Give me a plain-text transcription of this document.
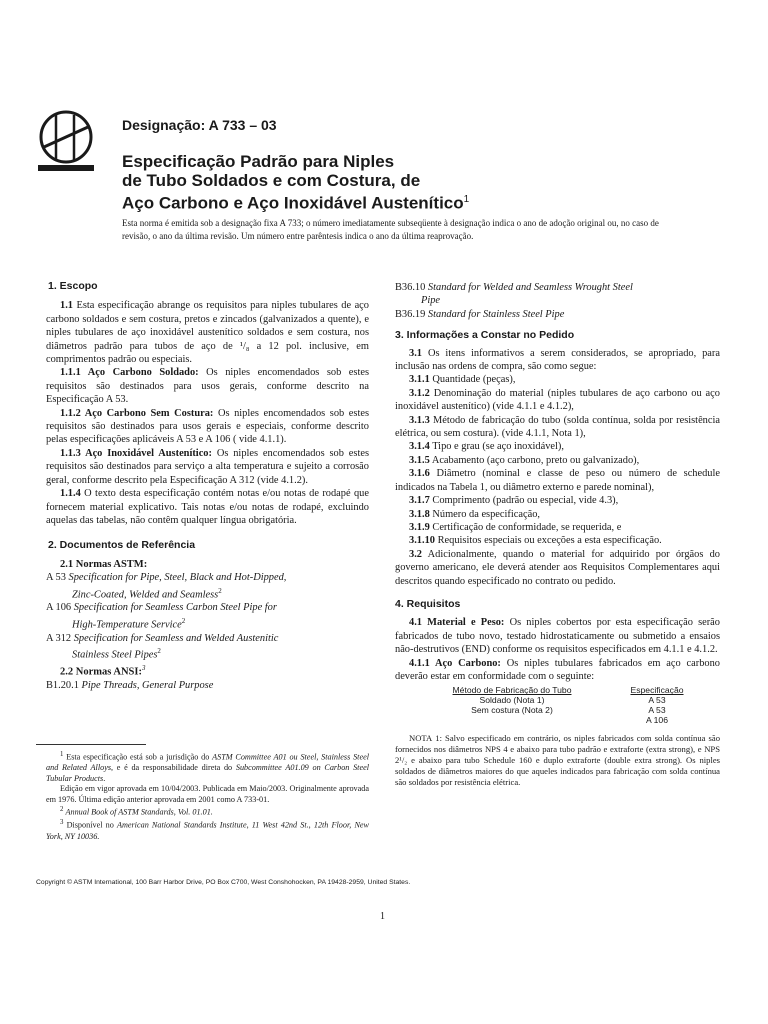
Designação: A 733 – 03
Especificação Padrão para Niples
de Tubo Soldados e com Costura, de
Aço Carbono e Aço Inoxidável Austenítico$^1$
Esta norma é emitida sob a designação fixa A 733; o número imediatamente subseqüente à designação indica o ano de adoção original ou, no caso de revisão, o ano da última revisão. Um número entre parêntesis indica o ano da última reaprovação.

1. Escopo

1.1 Esta especificação abrange os requisitos para niples tubulares de aço carbono soldados e sem costura, pretos e zincados (galvanizados a quente), e niples tubulares de aço inoxidável austenítico soldados e sem costura, nos diâmetros padrão para tubos de aço de ¹/₈ a 12 pol. inclusive, em comprimentos padrão ou especiais.

1.1.1 Aço Carbono Soldado: Os niples encomendados sob estes requisitos são destinados para usos gerais, conforme descrito na Especificação A 53.

1.1.2 Aço Carbono Sem Costura: Os niples encomendados sob estes requisitos são destinados para usos gerais e especiais, conforme descrito pelas especificações aplicáveis A 53 e A 106 ( vide 4.1.1).

1.1.3 Aço Inoxidável Austenítico: Os niples encomendados sob estes requisitos são destinados para serviço a alta temperatura e sujeito a corrosão geral, conforme descrito pela Especificação A 312 (vide 4.1.2).

1.1.4 O texto desta especificação contém notas e/ou notas de rodapé que fornecem material explicativo. Tais notas e/ou notas de rodapé, excluindo aquelas das tabelas, não contêm qualquer língua obrigatória.

2. Documentos de Referência

2.1 Normas ASTM:

A 53 Specification for Pipe, Steel, Black and Hot-Dipped,
Zinc-Coated, Welded and Seamless$^2$
A 106 Specification for Seamless Carbon Steel Pipe for
High-Temperature Service$^2$
A 312 Specification for Seamless and Welded Austenitic
Stainless Steel Pipes$^2$

2.2 Normas ANSI:$^3$

B1.20.1 Pipe Threads, General Purpose

$^1$ Esta especificação está sob a jurisdição do ASTM Committee A01 ou Steel, Stainless Steel and Related Alloys, e é da responsabilidade direta do Subcommittee A01.09 on Carbon Steel Tubular Products.

Edição em vigor aprovada em 10/04/2003. Publicada em Maio/2003. Originalmente aprovada em 1976. Última edição anterior aprovada em 2001 como A 733-01.

$^2$ Annual Book of ASTM Standards, Vol. 01.01.

$^3$ Disponível no American National Standards Institute, 11 West 42nd St., 12th Floor, New York, NY 10036.

B36.10 Standard for Welded and Seamless Wrought Steel
Pipe
B36.19 Standard for Stainless Steel Pipe

3. Informações a Constar no Pedido

3.1 Os itens informativos a serem considerados, se apropriado, para inclusão nas ordens de compra, são como segue:

3.1.1 Quantidade (peças),

3.1.2 Denominação do material (niples tubulares de aço carbono ou aço inoxidável austenítico) (vide 4.1.1 e 4.1.2),

3.1.3 Método de fabricação do tubo (solda contínua, solda por resistência elétrica, ou sem costura). (vide 4.1.1, Nota 1),

3.1.4 Tipo e grau (se aço inoxidável),

3.1.5 Acabamento (aço carbono, preto ou galvanizado),

3.1.6 Diâmetro (nominal e classe de peso ou número de schedule indicados na Tabela 1, ou diâmetro externo e parede nominal),

3.1.7 Comprimento (padrão ou especial, vide 4.3),

3.1.8 Número da especificação,

3.1.9 Certificação de conformidade, se requerida, e

3.1.10 Requisitos especiais ou exceções a esta especificação.

3.2 Adicionalmente, quando o material for adquirido por órgãos do governo americano, ele deverá atender aos Requisitos Complementares aqui descritos quando especificado no contrato ou pedido.

4. Requisitos

4.1 Material e Peso: Os niples cobertos por esta especificação serão fabricados de tubo novo, testado hidrostaticamente ou submetido a ensaios não-destrutivos (END) conforme os requisitos especificados em 4.1.1 e 4.1.2.

4.1.1 Aço Carbono: Os niples tubulares fabricados em aço carbono deverão estar em conformidade com o seguinte:

Método de Fabricação do Tubo	Especificação
Soldado (Nota 1)	A 53
Sem costura (Nota 2)	A 53
	A 106

NOTA 1: Salvo especificado em contrário, os niples fabricados com solda contínua são fornecidos nos diâmetros NPS 4 e abaixo para tubo padrão e extraforte (extra strong), e NPS 2¹/₂ e abaixo para tubo Schedule 160 e duplo extraforte (double extra strong). Os niples soldados de diâmetros maiores do que aqueles indicados para fabricação com solda contínua são soldados por resistência elétrica.

Copyright © ASTM International, 100 Barr Harbor Drive, PO Box C700, West Conshohocken, PA 19428-2959, United States.
1
